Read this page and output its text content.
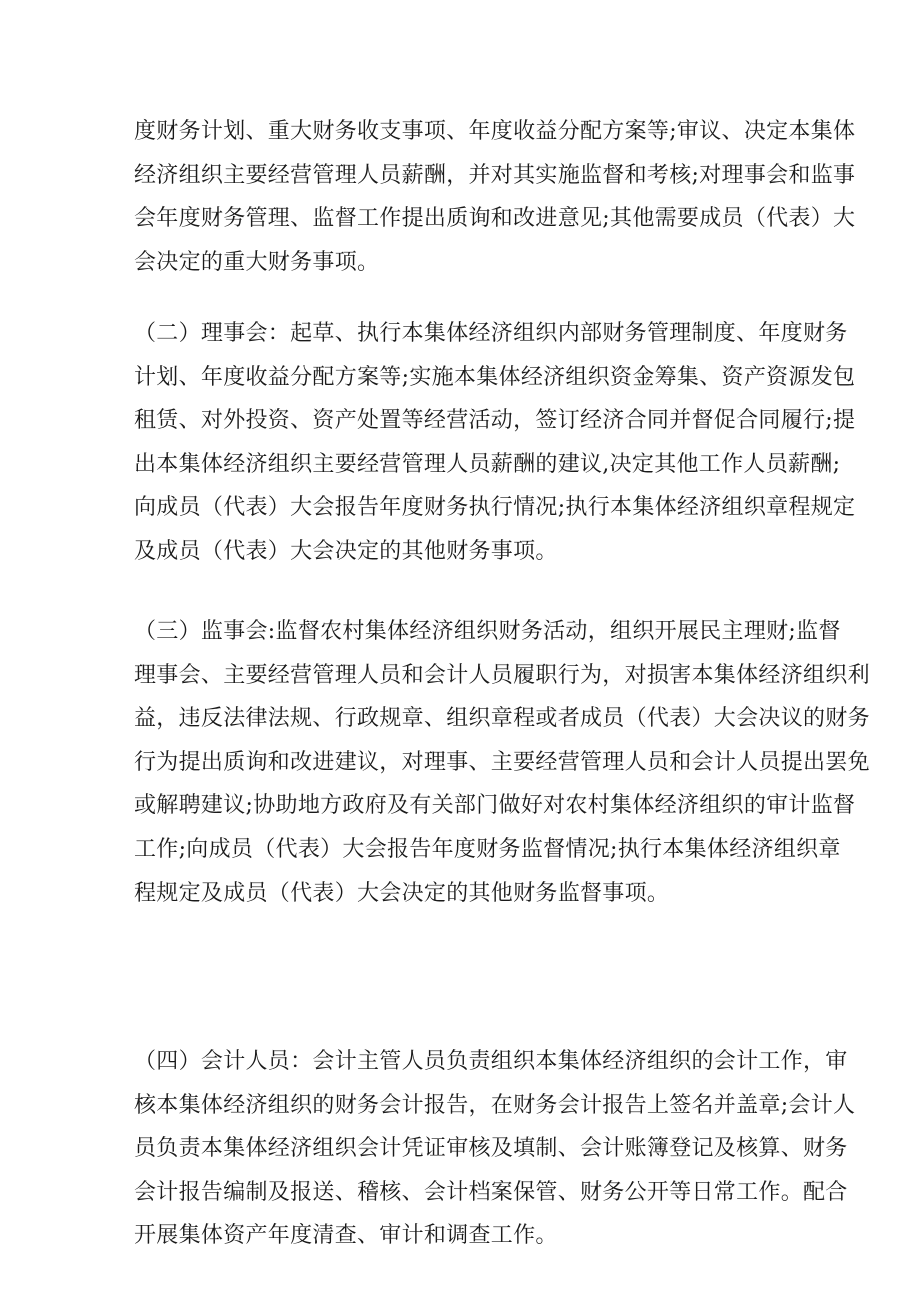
度财务计划、重大财务收支事项、年度收益分配方案等;审议、决定本集体
经济组织主要经营管理人员薪酬，并对其实施监督和考核;对理事会和监事
会年度财务管理、监督工作提出质询和改进意见;其他需要成员（代表）大
会决定的重大财务事项。
（二）理事会：起草、执行本集体经济组织内部财务管理制度、年度财务
计划、年度收益分配方案等;实施本集体经济组织资金筹集、资产资源发包
租赁、对外投资、资产处置等经营活动，签订经济合同并督促合同履行;提
出本集体经济组织主要经营管理人员薪酬的建议,决定其他工作人员薪酬;
向成员（代表）大会报告年度财务执行情况;执行本集体经济组织章程规定
及成员（代表）大会决定的其他财务事项。
（三）监事会:监督农村集体经济组织财务活动，组织开展民主理财;监督
理事会、主要经营管理人员和会计人员履职行为，对损害本集体经济组织利
益，违反法律法规、行政规章、组织章程或者成员（代表）大会决议的财务
行为提出质询和改进建议，对理事、主要经营管理人员和会计人员提出罢免
或解聘建议;协助地方政府及有关部门做好对农村集体经济组织的审计监督
工作;向成员（代表）大会报告年度财务监督情况;执行本集体经济组织章
程规定及成员（代表）大会决定的其他财务监督事项。
（四）会计人员：会计主管人员负责组织本集体经济组织的会计工作，审
核本集体经济组织的财务会计报告，在财务会计报告上签名并盖章;会计人
员负责本集体经济组织会计凭证审核及填制、会计账簿登记及核算、财务
会计报告编制及报送、稽核、会计档案保管、财务公开等日常工作。配合
开展集体资产年度清查、审计和调查工作。
